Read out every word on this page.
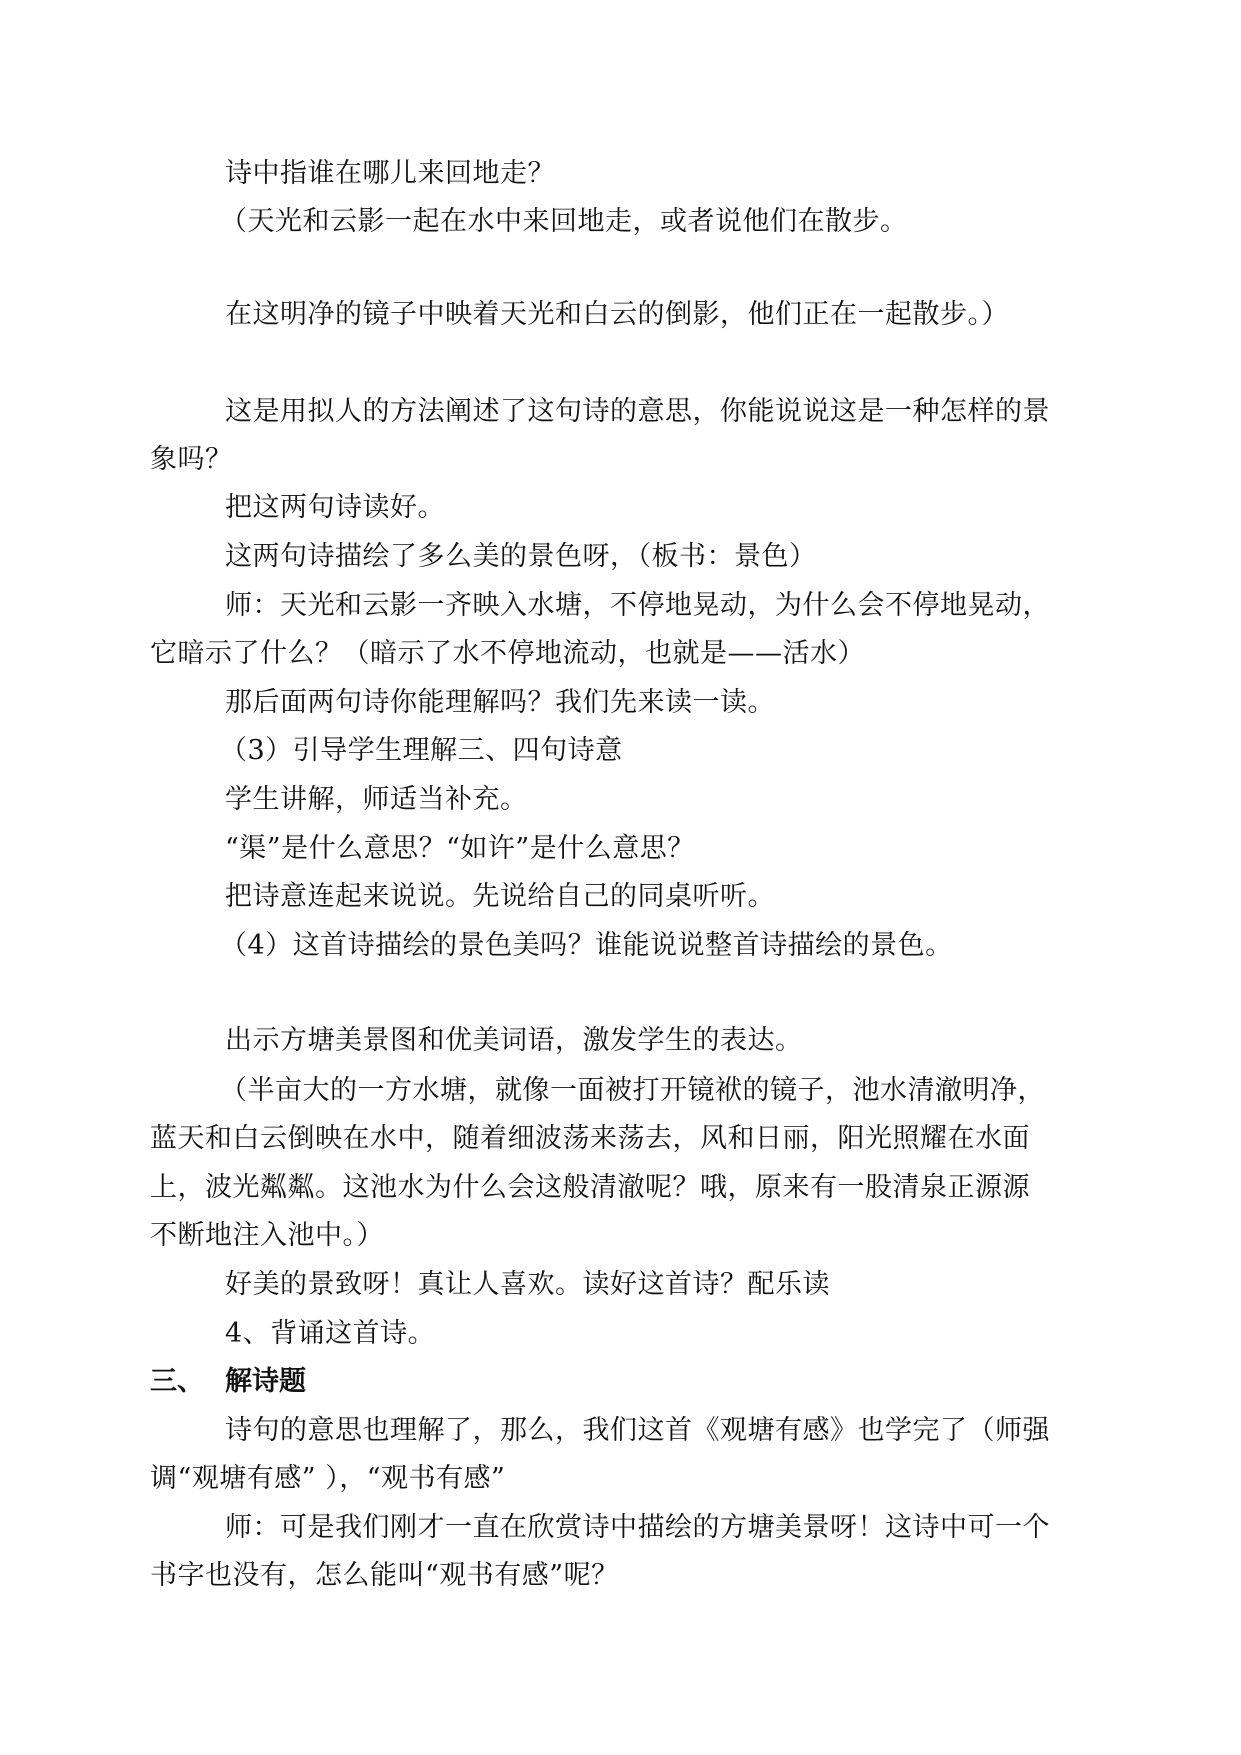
诗中指谁在哪儿来回地走？
（天光和云影一起在水中来回地走，或者说他们在散步。
在这明净的镜子中映着天光和白云的倒影，他们正在一起散步。）
这是用拟人的方法阐述了这句诗的意思，你能说说这是一种怎样的景
象吗？
把这两句诗读好。
这两句诗描绘了多么美的景色呀，（板书：景色）
师：天光和云影一齐映入水塘，不停地晃动，为什么会不停地晃动，
它暗示了什么？（暗示了水不停地流动，也就是——活水）
那后面两句诗你能理解吗？我们先来读一读。
（3）引导学生理解三、四句诗意
学生讲解，师适当补充。
“渠”是什么意思？“如许”是什么意思？
把诗意连起来说说。先说给自己的同桌听听。
（4）这首诗描绘的景色美吗？谁能说说整首诗描绘的景色。
出示方塘美景图和优美词语，激发学生的表达。
（半亩大的一方水塘，就像一面被打开镜袱的镜子，池水清澈明净，
蓝天和白云倒映在水中，随着细波荡来荡去，风和日丽，阳光照耀在水面
上，波光粼粼。这池水为什么会这般清澈呢？哦，原来有一股清泉正源源
不断地注入池中。）
好美的景致呀！真让人喜欢。读好这首诗？配乐读
4、背诵这首诗。
三、 解诗题
诗句的意思也理解了，那么，我们这首《观塘有感》也学完了（师强
调“观塘有感” ），“观书有感”
师：可是我们刚才一直在欣赏诗中描绘的方塘美景呀！这诗中可一个
书字也没有，怎么能叫“观书有感”呢？
